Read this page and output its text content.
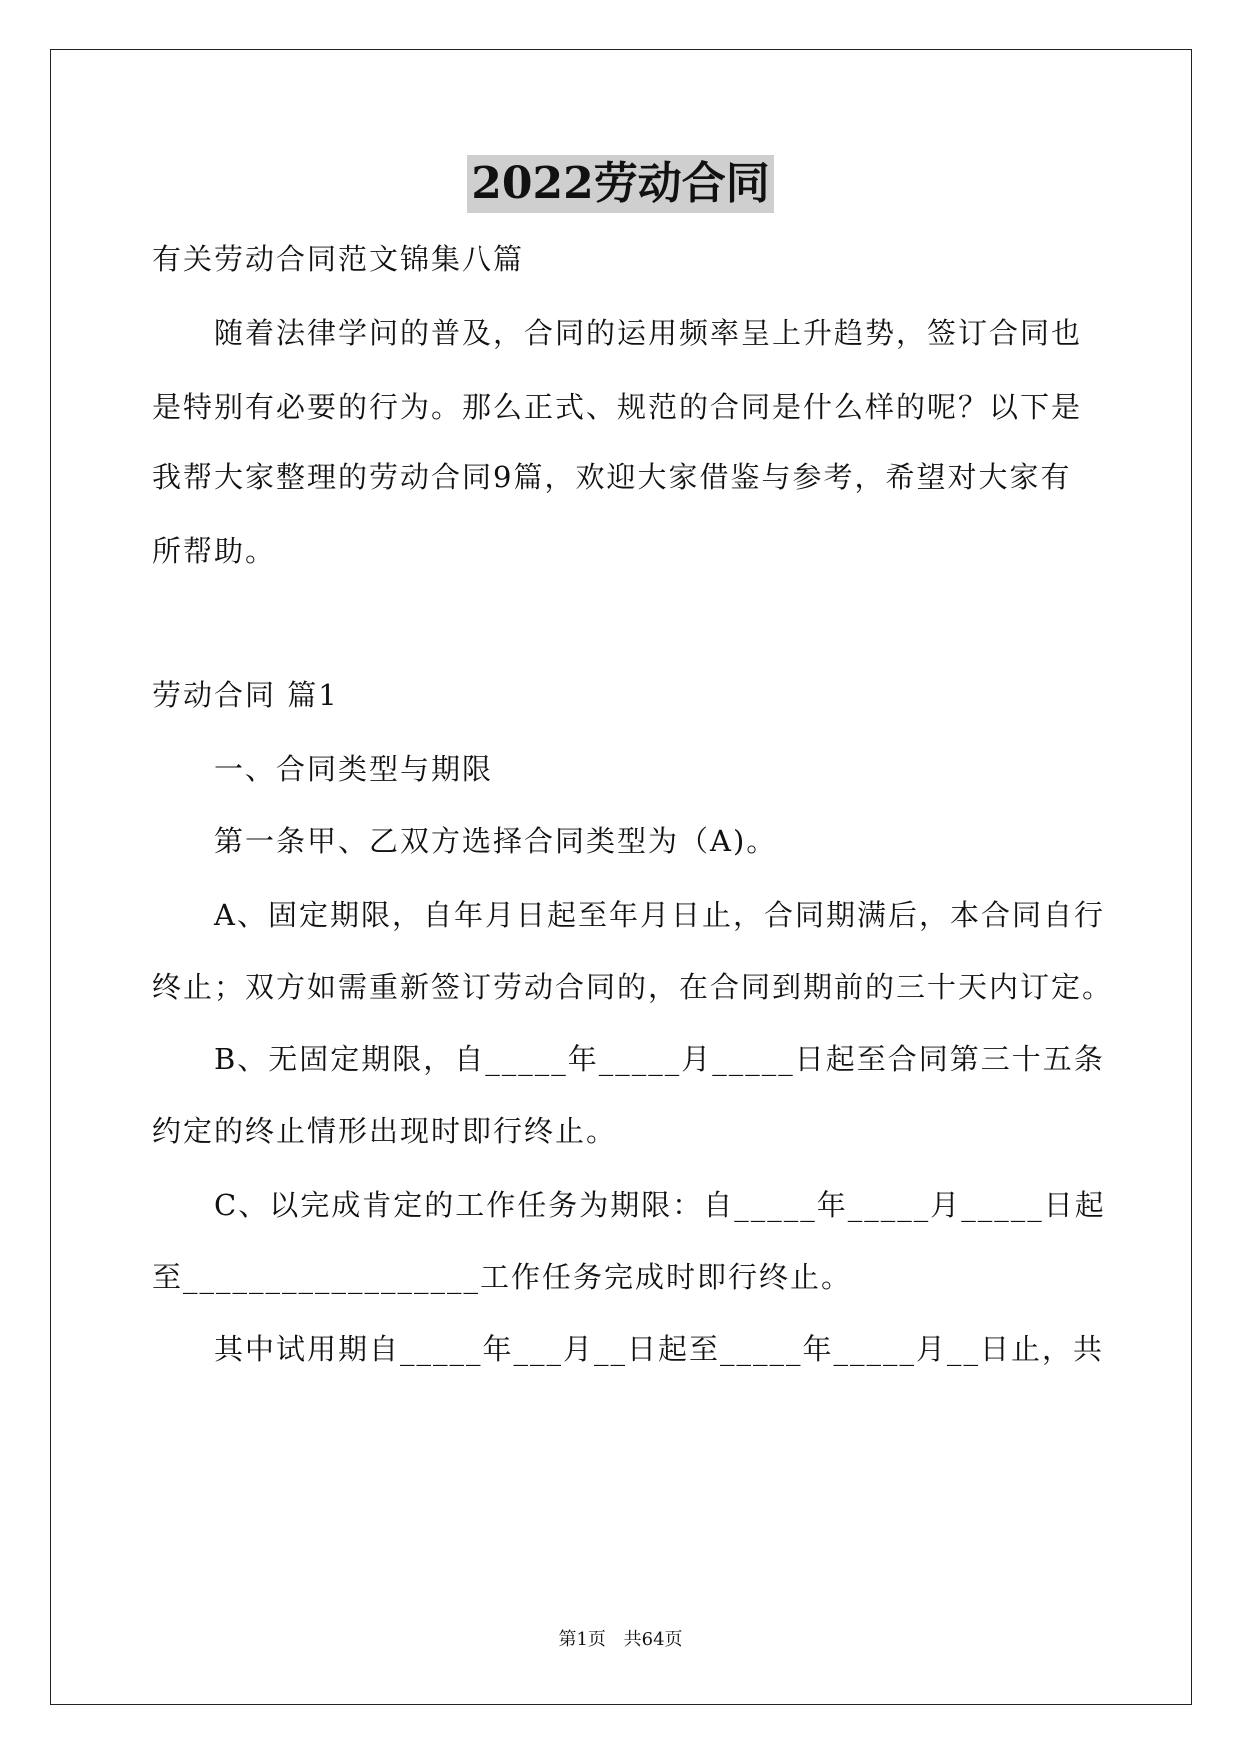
2022劳动合同
有关劳动合同范文锦集八篇
随着法律学问的普及，合同的运用频率呈上升趋势，签订合同也
是特别有必要的行为。那么正式、规范的合同是什么样的呢？以下是
我帮大家整理的劳动合同9篇，欢迎大家借鉴与参考，希望对大家有
所帮助。
劳动合同 篇1
一、合同类型与期限
第一条甲、乙双方选择合同类型为（A)。
A、固定期限，自年月日起至年月日止，合同期满后，本合同自行
终止；双方如需重新签订劳动合同的，在合同到期前的三十天内订定。
B、无固定期限，自_____年_____月_____日起至合同第三十五条
约定的终止情形出现时即行终止。
C、以完成肯定的工作任务为期限：自_____年_____月_____日起
至__________________工作任务完成时即行终止。
其中试用期自_____年___月__日起至_____年_____月__日止，共
第1页 共64页
